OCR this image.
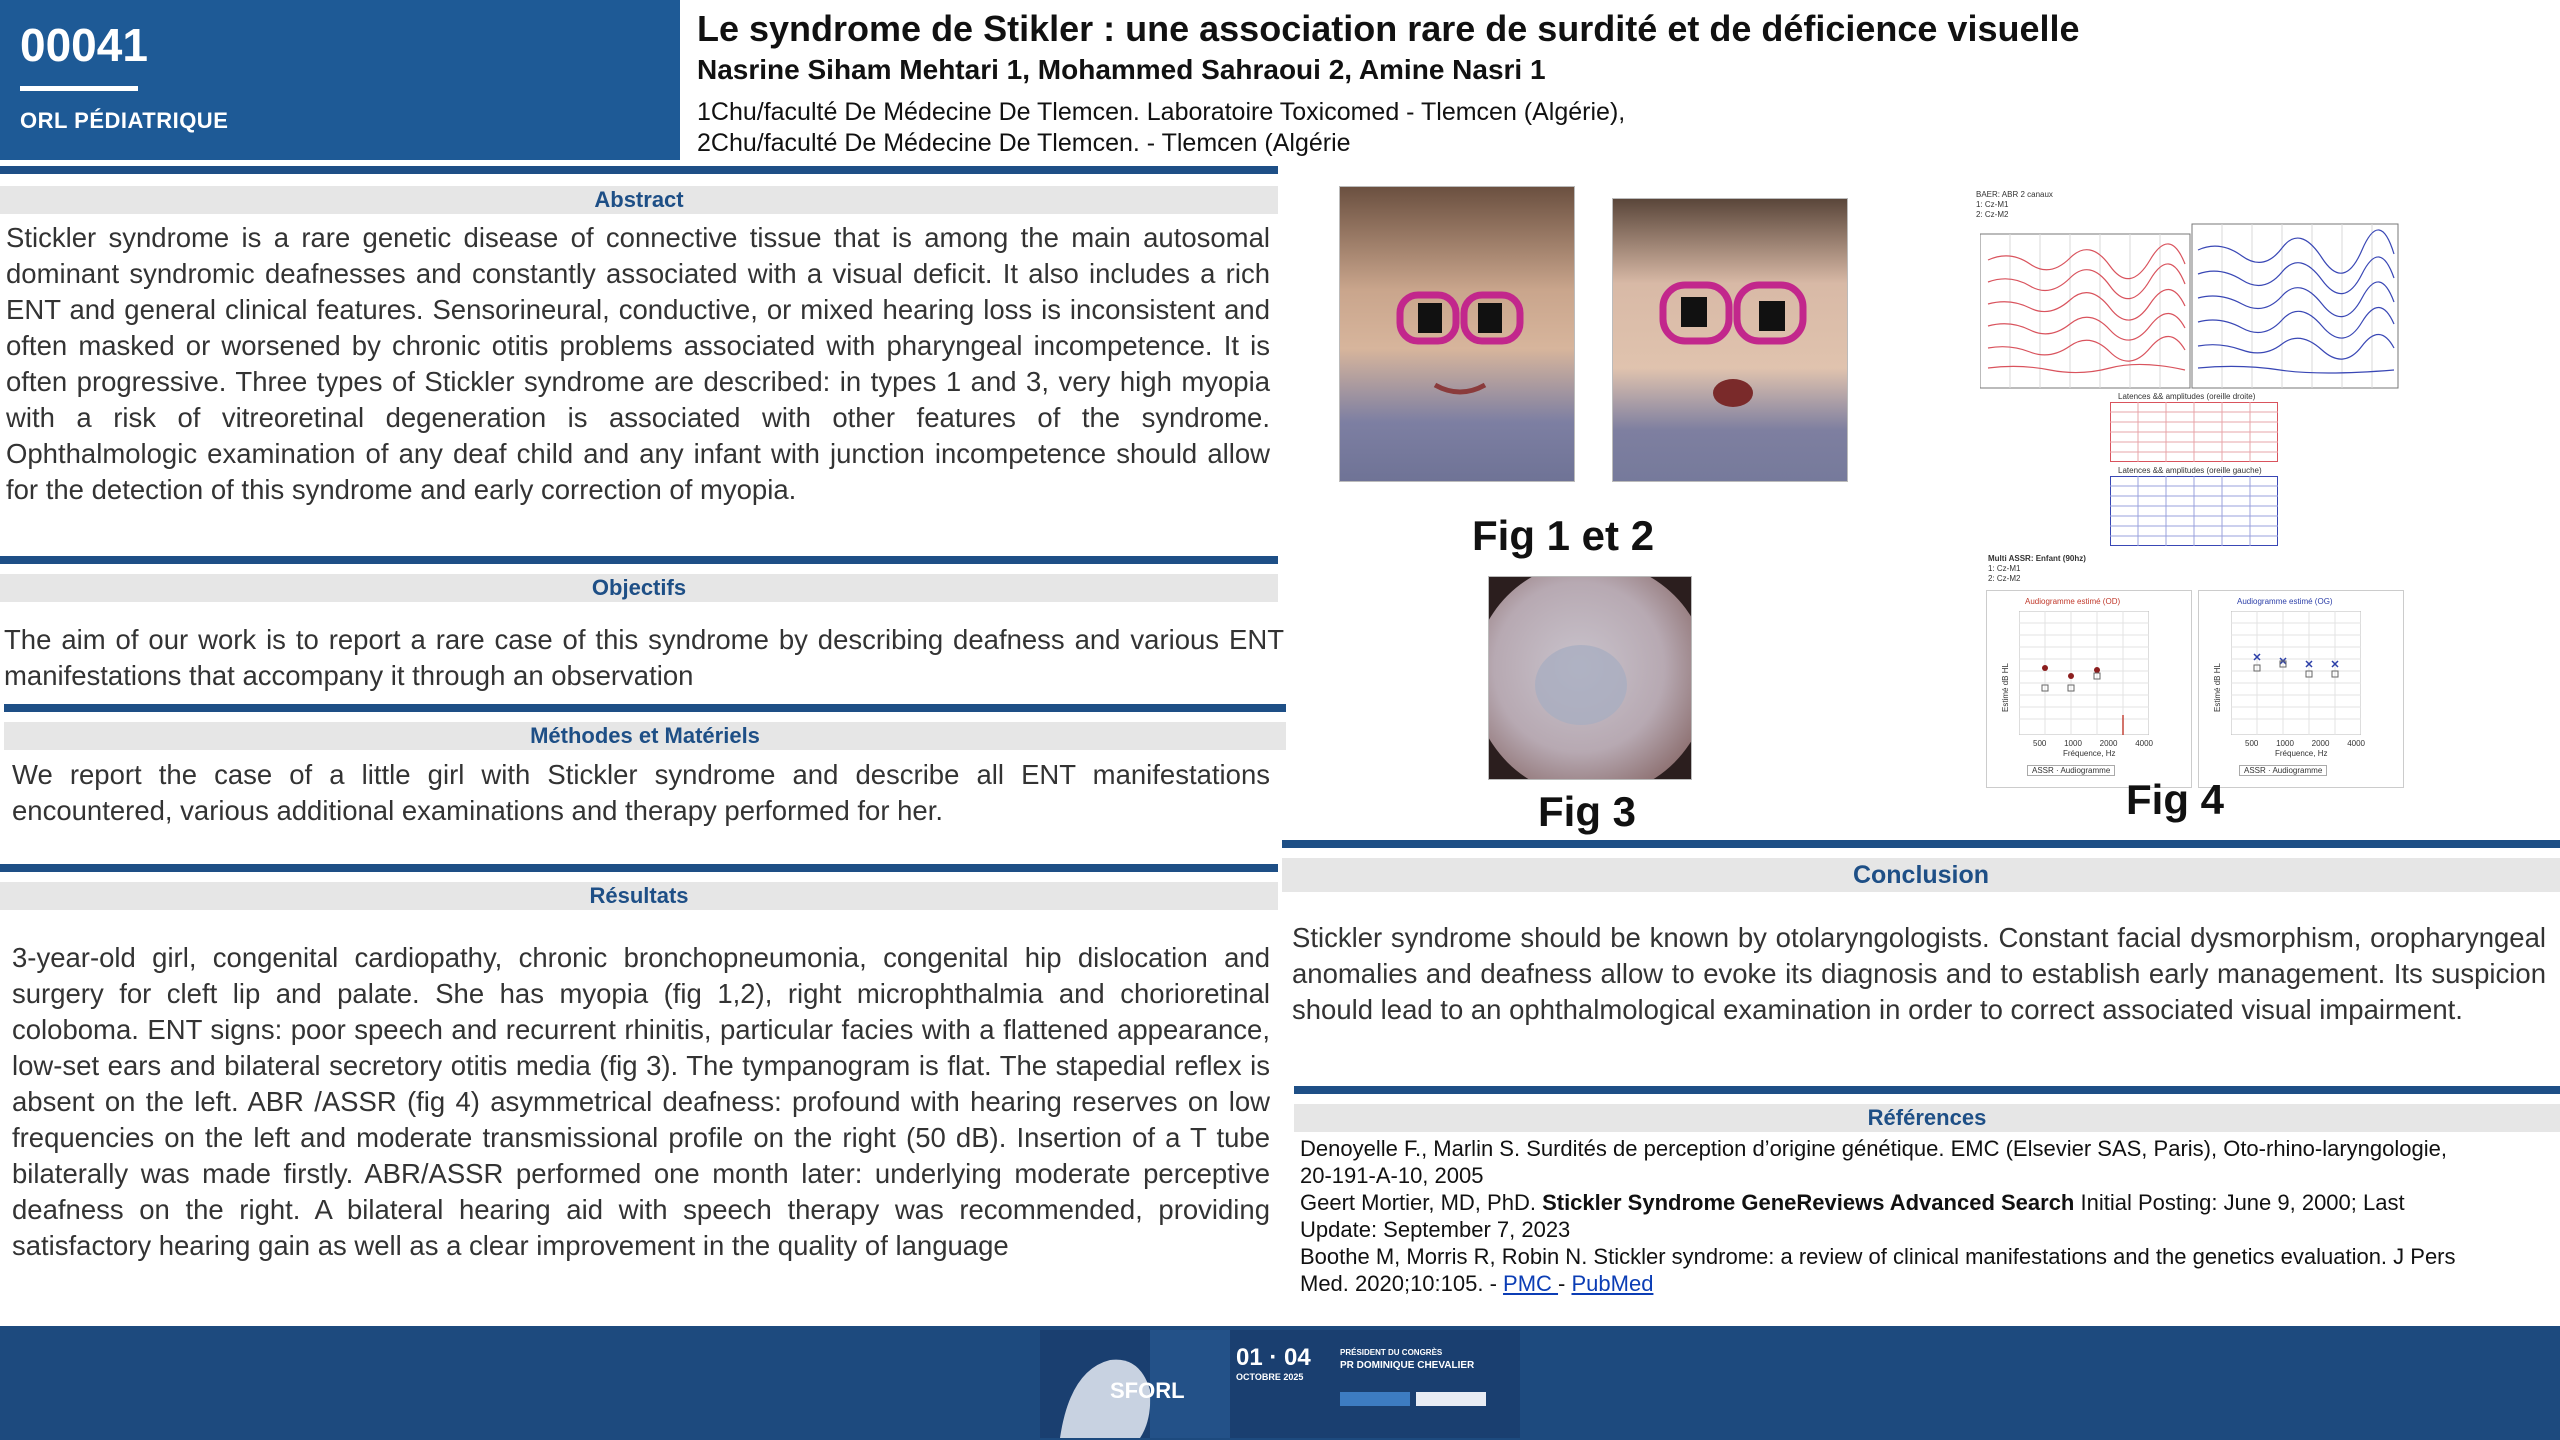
00041
ORL PÉDIATRIQUE
Le syndrome de Stikler : une association rare de surdité et de déficience visuelle
Nasrine Siham Mehtari 1, Mohammed Sahraoui 2, Amine Nasri 1
1Chu/faculté De Médecine De Tlemcen. Laboratoire Toxicomed - Tlemcen (Algérie),
2Chu/faculté De Médecine De Tlemcen. - Tlemcen (Algérie
Abstract
Stickler syndrome is a rare genetic disease of connective tissue that is among the main autosomal dominant syndromic deafnesses and constantly associated with a visual deficit. It also includes a rich ENT and general clinical features. Sensorineural, conductive, or mixed hearing loss is inconsistent and often masked or worsened by chronic otitis problems associated with pharyngeal incompetence. It is often progressive. Three types of Stickler syndrome are described: in types 1 and 3, very high myopia with a risk of vitreoretinal degeneration is associated with other features of the syndrome. Ophthalmologic examination of any deaf child and any infant with junction incompetence should allow for the detection of this syndrome and early correction of myopia.
Objectifs
The aim of our work is to report a rare case of this syndrome by describing deafness and various ENT manifestations that accompany it through an observation
Méthodes et Matériels
We report the case of a little girl with Stickler syndrome and describe all ENT manifestations encountered, various additional examinations and therapy performed for her.
Résultats
3-year-old girl, congenital cardiopathy, chronic bronchopneumonia, congenital hip dislocation and surgery for cleft lip and palate. She has myopia (fig 1,2), right microphthalmia and chorioretinal coloboma. ENT signs: poor speech and recurrent rhinitis, particular facies with a flattened appearance, low-set ears and bilateral secretory otitis media (fig 3). The tympanogram is flat. The stapedial reflex is absent on the left. ABR /ASSR (fig 4) asymmetrical deafness: profound with hearing reserves on low frequencies on the left and moderate transmissional profile on the right (50 dB). Insertion of a T tube bilaterally was made firstly. ABR/ASSR performed one month later: underlying moderate perceptive deafness on the right. A bilateral hearing aid with speech therapy was recommended, providing satisfactory hearing gain as well as a clear improvement in the quality of language
Fig 1 et 2
Fig 3
BAER: ABR 2 canaux
1: Cz-M1
2: Cz-M2
Latences && amplitudes (oreille droite)
Latences && amplitudes (oreille gauche)
Multi ASSR: Enfant (90hz)
1: Cz-M1
2: Cz-M2
Audiogramme estimé (OD)
Estimé dB HL
500 1000 2000 4000
Fréquence, Hz
ASSR · Audiogramme
Audiogramme estimé (OG)
Estimé dB HL
500 1000 2000 4000
Fréquence, Hz
ASSR · Audiogramme
Fig 4
Conclusion
Stickler syndrome should be known by otolaryngologists. Constant facial dysmorphism, oropharyngeal anomalies and deafness allow to evoke its diagnosis and to establish early management. Its suspicion should lead to an ophthalmological examination in order to correct associated visual impairment.
Références
Denoyelle F., Marlin S. Surdités de perception d’origine génétique. EMC (Elsevier SAS, Paris), Oto-rhino-laryngologie, 20-191-A-10, 2005
Geert Mortier, MD, PhD. Stickler Syndrome GeneReviews Advanced Search Initial Posting: June 9, 2000; Last Update: September 7, 2023
Boothe M, Morris R, Robin N. Stickler syndrome: a review of clinical manifestations and the genetics evaluation. J Pers Med. 2020;10:105. - PMC - PubMed
SFORL
01 · 04
OCTOBRE 2025
PRÉSIDENT DU CONGRÈS
PR DOMINIQUE CHEVALIER
